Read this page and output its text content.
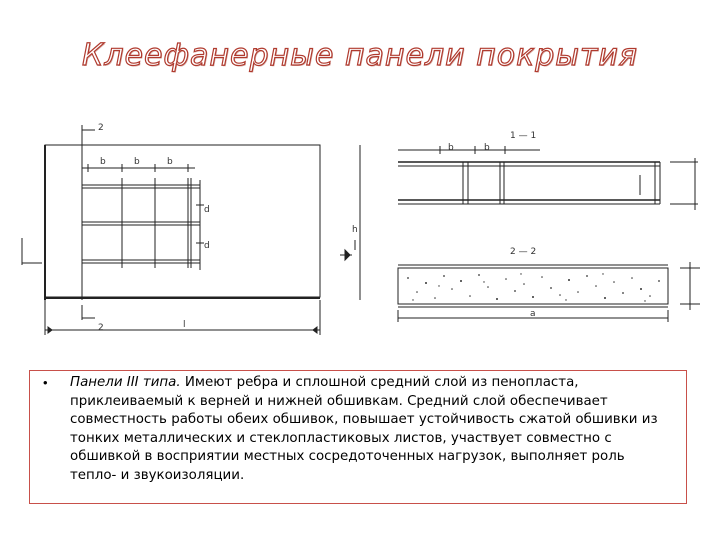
Клеефанерные панели покрытия
2
2
1 — 1
2 — 2
b	b	b
d
d
l
h
b	b
a
• Панели III типа. Имеют ребра и сплошной средний слой из пенопласта, приклеиваемый к верней и нижней обшивкам. Средний слой обеспечивает совместность работы обеих обшивок, повышает устойчивость сжатой обшивки из тонких металлических и стеклопластиковых листов, участвует совместно с обшивкой в восприятии местных сосредоточенных нагрузок, выполняет роль тепло- и звукоизоляции.
